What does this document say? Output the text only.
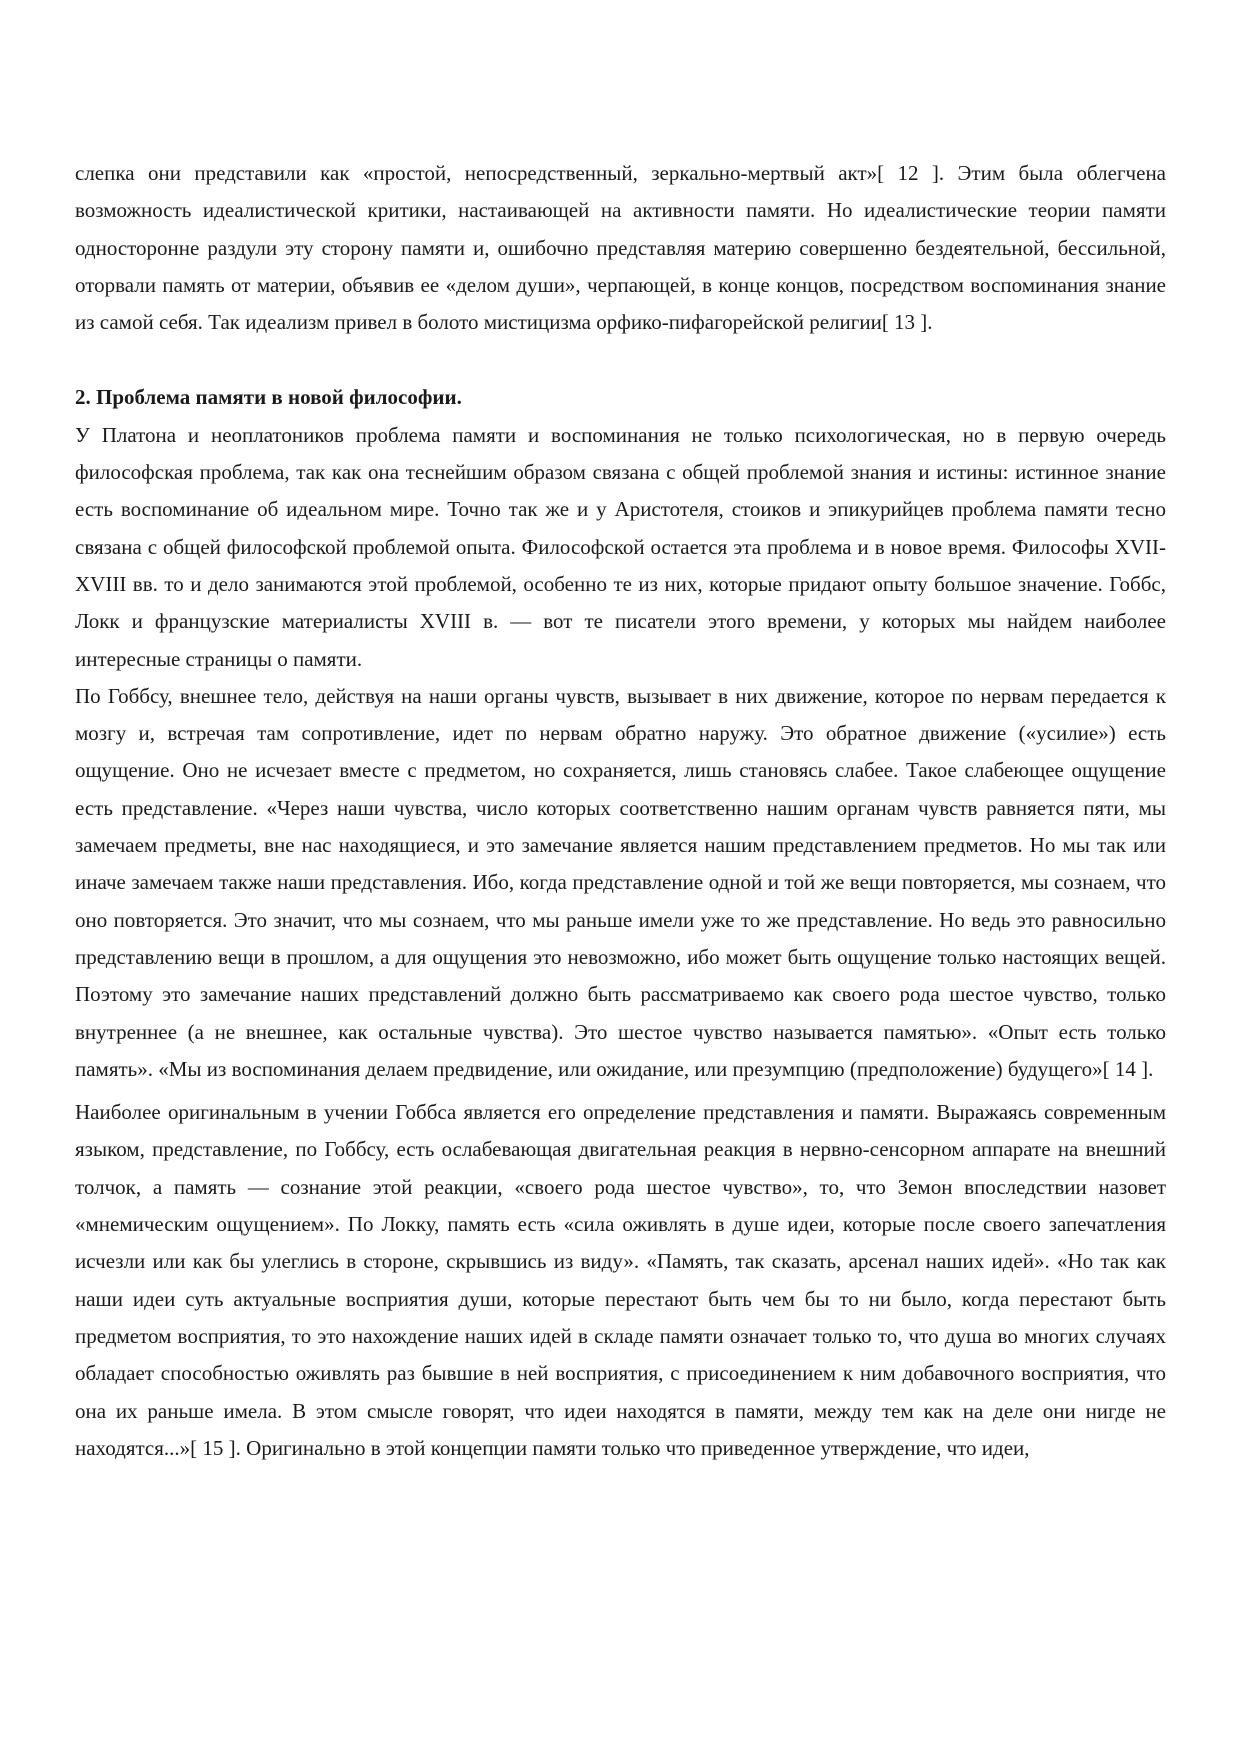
слепка они представили как «простой, непосредственный, зеркально-мертвый акт»[ 12 ]. Этим была облегчена возможность идеалистической критики, настаивающей на активности памяти. Но идеалистические теории памяти односторонне раздули эту сторону памяти и, ошибочно представляя материю совершенно бездеятельной, бессильной, оторвали память от материи, объявив ее «делом души», черпающей, в конце концов, посредством воспоминания знание из самой себя. Так идеализм привел в болото мистицизма орфико-пифагорейской религии[ 13 ].

2. Проблема памяти в новой философии.

У Платона и неоплатоников проблема памяти и воспоминания не только психологическая, но в первую очередь философская проблема, так как она теснейшим образом связана с общей проблемой знания и истины: истинное знание есть воспоминание об идеальном мире. Точно так же и у Аристотеля, стоиков и эпикурийцев проблема памяти тесно связана с общей философской проблемой опыта. Философской остается эта проблема и в новое время. Философы XVII-XVIII вв. то и дело занимаются этой проблемой, особенно те из них, которые придают опыту большое значение. Гоббс, Локк и французские материалисты XVIII в. — вот те писатели этого времени, у которых мы найдем наиболее интересные страницы о памяти.

По Гоббсу, внешнее тело, действуя на наши органы чувств, вызывает в них движение, которое по нервам передается к мозгу и, встречая там сопротивление, идет по нервам обратно наружу. Это обратное движение («усилие») есть ощущение. Оно не исчезает вместе с предметом, но сохраняется, лишь становясь слабее. Такое слабеющее ощущение есть представление. «Через наши чувства, число которых соответственно нашим органам чувств равняется пяти, мы замечаем предметы, вне нас находящиеся, и это замечание является нашим представлением предметов. Но мы так или иначе замечаем также наши представления. Ибо, когда представление одной и той же вещи повторяется, мы сознаем, что оно повторяется. Это значит, что мы сознаем, что мы раньше имели уже то же представление. Но ведь это равносильно представлению вещи в прошлом, а для ощущения это невозможно, ибо может быть ощущение только настоящих вещей. Поэтому это замечание наших представлений должно быть рассматриваемо как своего рода шестое чувство, только внутреннее (а не внешнее, как остальные чувства). Это шестое чувство называется памятью». «Опыт есть только память». «Мы из воспоминания делаем предвидение, или ожидание, или презумпцию (предположение) будущего»[ 14 ].

Наиболее оригинальным в учении Гоббса является его определение представления и памяти. Выражаясь современным языком, представление, по Гоббсу, есть ослабевающая двигательная реакция в нервно-сенсорном аппарате на внешний толчок, а память — сознание этой реакции, «своего рода шестое чувство», то, что Земон впоследствии назовет «мнемическим ощущением». По Локку, память есть «сила оживлять в душе идеи, которые после своего запечатления исчезли или как бы улеглись в стороне, скрывшись из виду». «Память, так сказать, арсенал наших идей». «Но так как наши идеи суть актуальные восприятия души, которые перестают быть чем бы то ни было, когда перестают быть предметом восприятия, то это нахождение наших идей в складе памяти означает только то, что душа во многих случаях обладает способностью оживлять раз бывшие в ней восприятия, с присоединением к ним добавочного восприятия, что она их раньше имела. В этом смысле говорят, что идеи находятся в памяти, между тем как на деле они нигде не находятся...»[ 15 ]. Оригинально в этой концепции памяти только что приведенное утверждение, что идеи,
